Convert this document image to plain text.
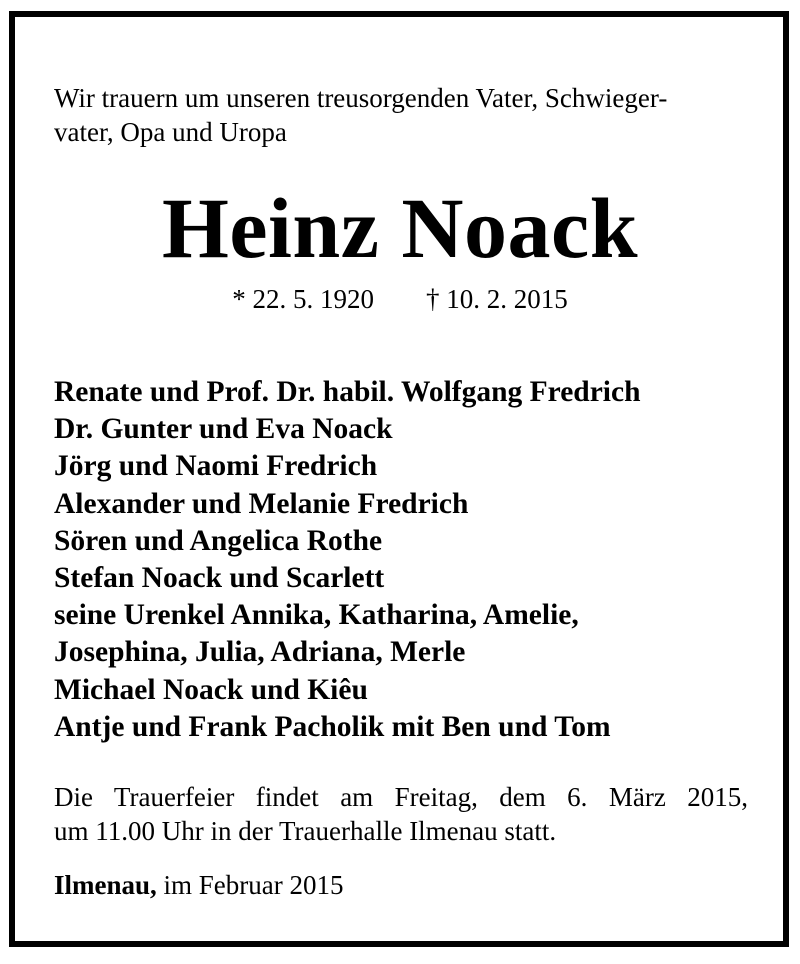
Wir trauern um unseren treusorgenden Vater, Schwieger-
vater, Opa und Uropa
Heinz Noack
* 22. 5. 1920 † 10. 2. 2015
Renate und Prof. Dr. habil. Wolfgang Fredrich
Dr. Gunter und Eva Noack
Jörg und Naomi Fredrich
Alexander und Melanie Fredrich
Sören und Angelica Rothe
Stefan Noack und Scarlett
seine Urenkel Annika, Katharina, Amelie,
Josephina, Julia, Adriana, Merle
Michael Noack und Kiêu
Antje und Frank Pacholik mit Ben und Tom
Die Trauerfeier findet am Freitag, dem 6. März 2015,
um 11.00 Uhr in der Trauerhalle Ilmenau statt.
Ilmenau, im Februar 2015
